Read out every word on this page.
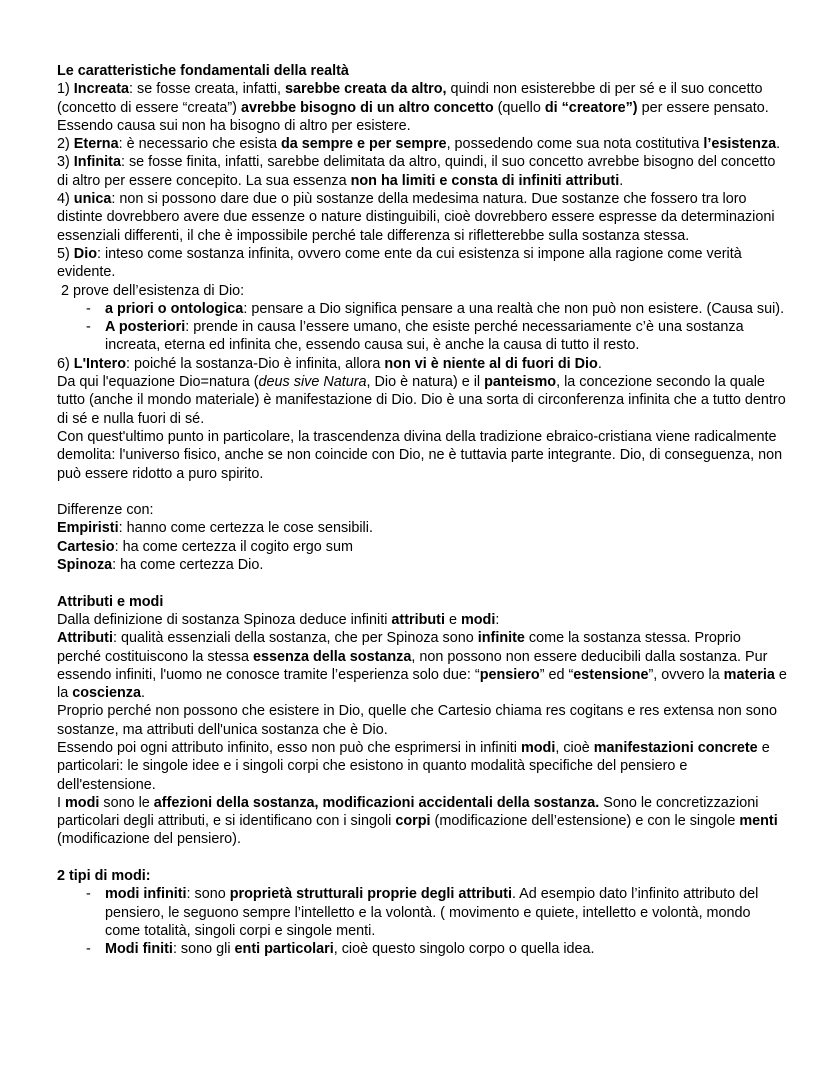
Le caratteristiche fondamentali della realtà

1) Increata: se fosse creata, infatti, sarebbe creata da altro, quindi non esisterebbe di per sé e il suo concetto (concetto di essere “creata”) avrebbe bisogno di un altro concetto (quello di “creatore”) per essere pensato. Essendo causa sui non ha bisogno di altro per esistere.

2) Eterna: è necessario che esista da sempre e per sempre, possedendo come sua nota costitutiva l’esistenza.

3) Infinita: se fosse finita, infatti, sarebbe delimitata da altro, quindi, il suo concetto avrebbe bisogno del concetto di altro per essere concepito. La sua essenza non ha limiti e consta di infiniti attributi.

4) unica: non si possono dare due o più sostanze della medesima natura. Due sostanze che fossero tra loro distinte dovrebbero avere due essenze o nature distinguibili, cioè dovrebbero essere espresse da determinazioni essenziali differenti, il che è impossibile perché tale differenza si rifletterebbe sulla sostanza stessa.

5) Dio: inteso come sostanza infinita, ovvero come ente da cui esistenza si impone alla ragione come verità evidente.

2 prove dell’esistenza di Dio:

- a priori o ontologica: pensare a Dio significa pensare a una realtà che non può non esistere. (Causa sui).
- A posteriori: prende in causa l’essere umano, che esiste perché necessariamente c’è una sostanza increata, eterna ed infinita che, essendo causa sui, è anche la causa di tutto il resto.

6) L'Intero: poiché la sostanza-Dio è infinita, allora non vi è niente al di fuori di Dio.

Da qui l'equazione Dio=natura (deus sive Natura, Dio è natura) e il panteismo, la concezione secondo la quale tutto (anche il mondo materiale) è manifestazione di Dio. Dio è una sorta di circonferenza infinita che a tutto dentro di sé e nulla fuori di sé.

Con quest'ultimo punto in particolare, la trascendenza divina della tradizione ebraico-cristiana viene radicalmente demolita: l'universo fisico, anche se non coincide con Dio, ne è tuttavia parte integrante. Dio, di conseguenza, non può essere ridotto a puro spirito.

Differenze con:

Empiristi: hanno come certezza le cose sensibili.

Cartesio: ha come certezza il cogito ergo sum

Spinoza: ha come certezza Dio.

Attributi e modi

Dalla definizione di sostanza Spinoza deduce infiniti attributi e modi:

Attributi: qualità essenziali della sostanza, che per Spinoza sono infinite come la sostanza stessa. Proprio perché costituiscono la stessa essenza della sostanza, non possono non essere deducibili dalla sostanza. Pur essendo infiniti, l'uomo ne conosce tramite l’esperienza solo due: “pensiero” ed “estensione”, ovvero la materia e la coscienza.

Proprio perché non possono che esistere in Dio, quelle che Cartesio chiama res cogitans e res extensa non sono sostanze, ma attributi dell'unica sostanza che è Dio.

Essendo poi ogni attributo infinito, esso non può che esprimersi in infiniti modi, cioè manifestazioni concrete e particolari: le singole idee e i singoli corpi che esistono in quanto modalità specifiche del pensiero e dell'estensione.

I modi sono le affezioni della sostanza, modificazioni accidentali della sostanza. Sono le concretizzazioni particolari degli attributi, e si identificano con i singoli corpi (modificazione dell’estensione) e con le singole menti (modificazione del pensiero).

2 tipi di modi:

- modi infiniti: sono proprietà strutturali proprie degli attributi. Ad esempio dato l’infinito attributo del pensiero, le seguono sempre l’intelletto e la volontà. ( movimento e quiete, intelletto e volontà, mondo come totalità, singoli corpi e singole menti.
- Modi finiti: sono gli enti particolari, cioè questo singolo corpo o quella idea.
